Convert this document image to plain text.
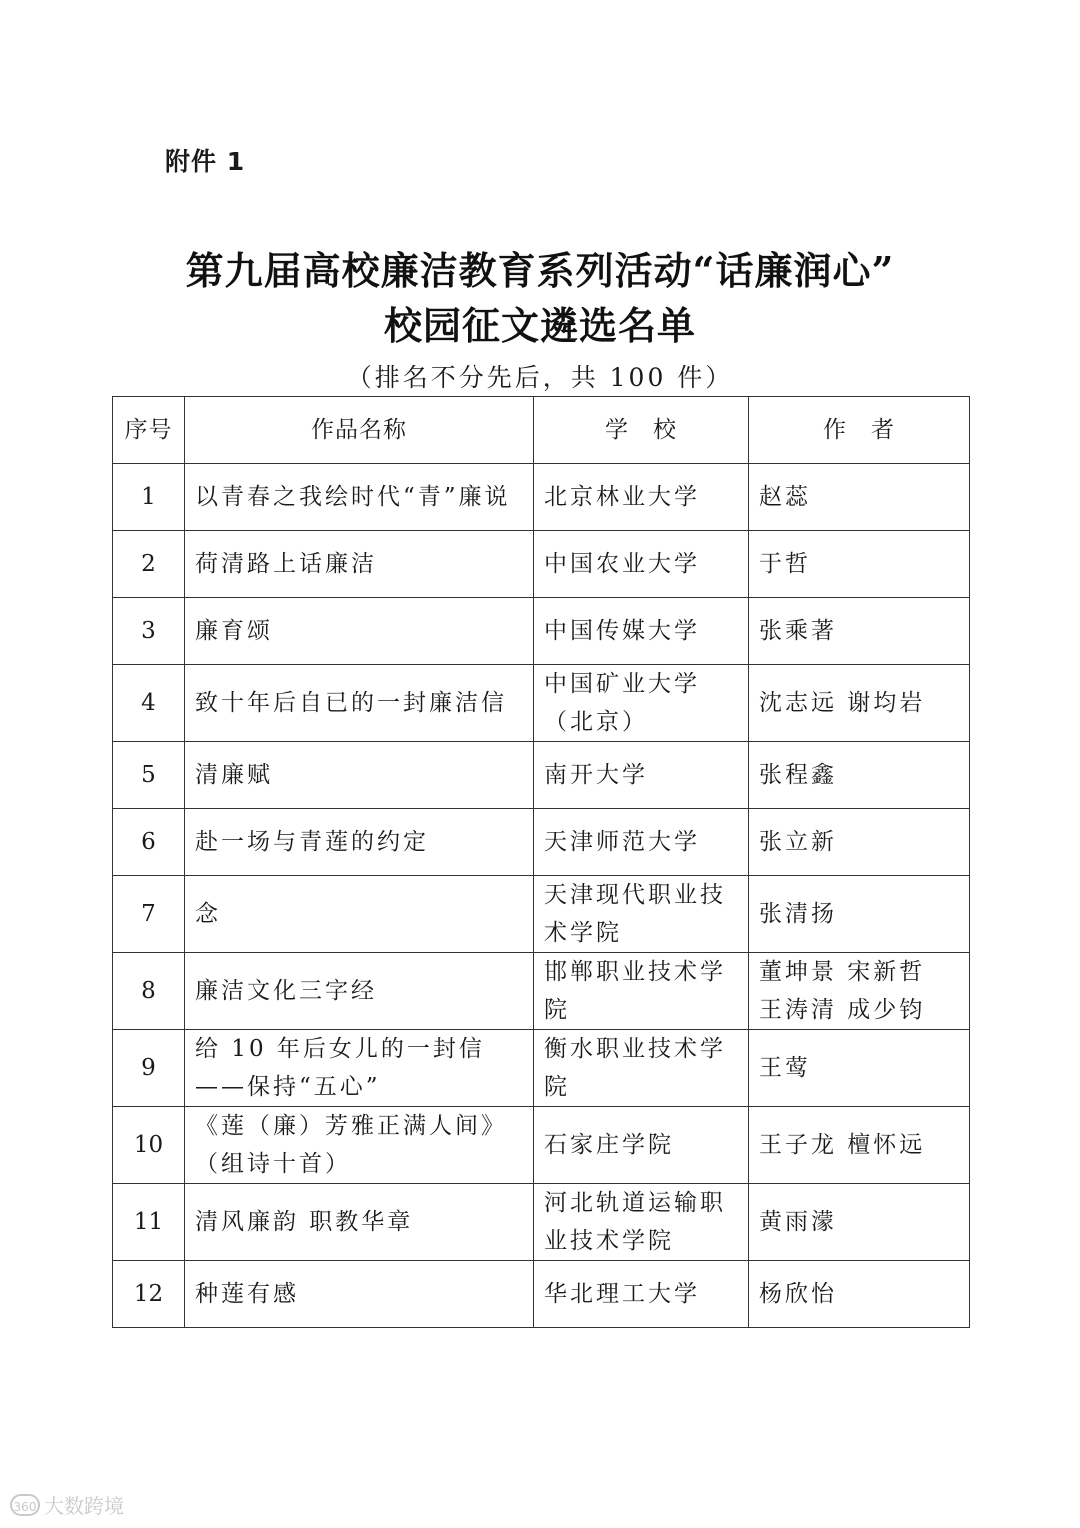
附件 1
第九届高校廉洁教育系列活动“话廉润心”
校园征文遴选名单
（排名不分先后，共 100 件）
序号	作品名称	学　校	作　者
1	以青春之我绘时代“青”廉说	北京林业大学	赵蕊
2	荷清路上话廉洁	中国农业大学	于哲
3	廉育颂	中国传媒大学	张乘著
4	致十年后自已的一封廉洁信	中国矿业大学（北京）	沈志远 谢均岩
5	清廉赋	南开大学	张程鑫
6	赴一场与青莲的约定	天津师范大学	张立新
7	念	天津现代职业技术学院	张清扬
8	廉洁文化三字经	邯郸职业技术学院	董坤景 宋新哲 王涛清 成少钧
9	给 10 年后女儿的一封信——保持“五心”	衡水职业技术学院	王莺
10	《莲（廉）芳雅正满人间》（组诗十首）	石家庄学院	王子龙 檀怀远
11	清风廉韵 职教华章	河北轨道运输职业技术学院	黄雨濛
12	种莲有感	华北理工大学	杨欣怡
360 大数跨境
